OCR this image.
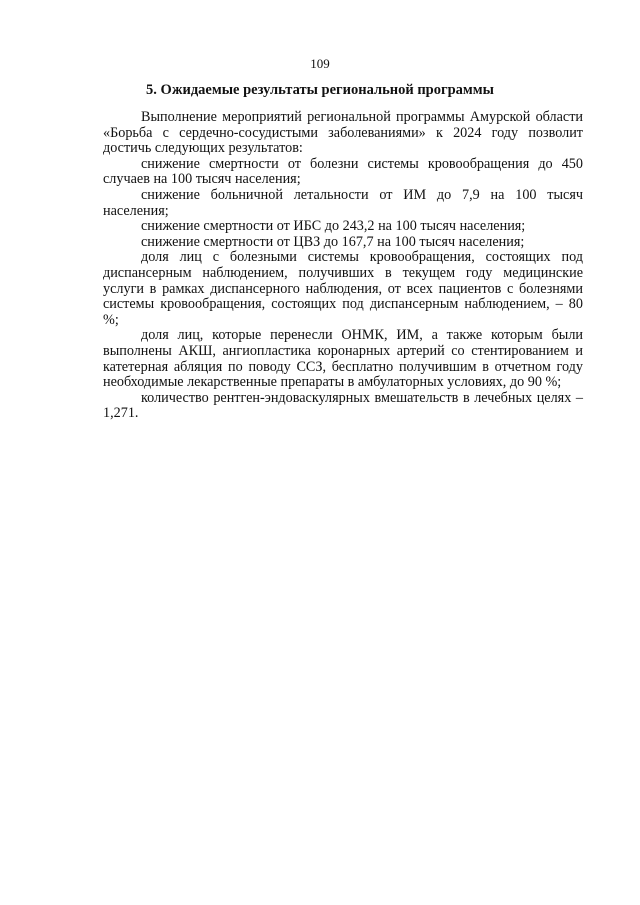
109
5. Ожидаемые результаты региональной программы

Выполнение мероприятий региональной программы Амурской области «Борьба с сердечно-сосудистыми заболеваниями» к 2024 году позволит достичь следующих результатов:

снижение смертности от болезни системы кровообращения до 450 случаев на 100 тысяч населения;

снижение больничной летальности от ИМ до 7,9 на 100 тысяч населения;

снижение смертности от ИБС до 243,2 на 100 тысяч населения;

снижение смертности от ЦВЗ до 167,7 на 100 тысяч населения;

доля лиц с болезными системы кровообращения, состоящих под диспансерным наблюдением, получивших в текущем году медицинские услуги в рамках диспансерного наблюдения, от всех пациентов с болезнями системы кровообращения, состоящих под диспансерным наблюдением, – 80 %;

доля лиц, которые перенесли ОНМК, ИМ, а также которым были выполнены АКШ, ангиопластика коронарных артерий со стентированием и катетерная абляция по поводу ССЗ, бесплатно получившим в отчетном году необходимые лекарственные препараты в амбулаторных условиях, до 90 %;

количество рентген-эндоваскулярных вмешательств в лечебных целях – 1,271.
